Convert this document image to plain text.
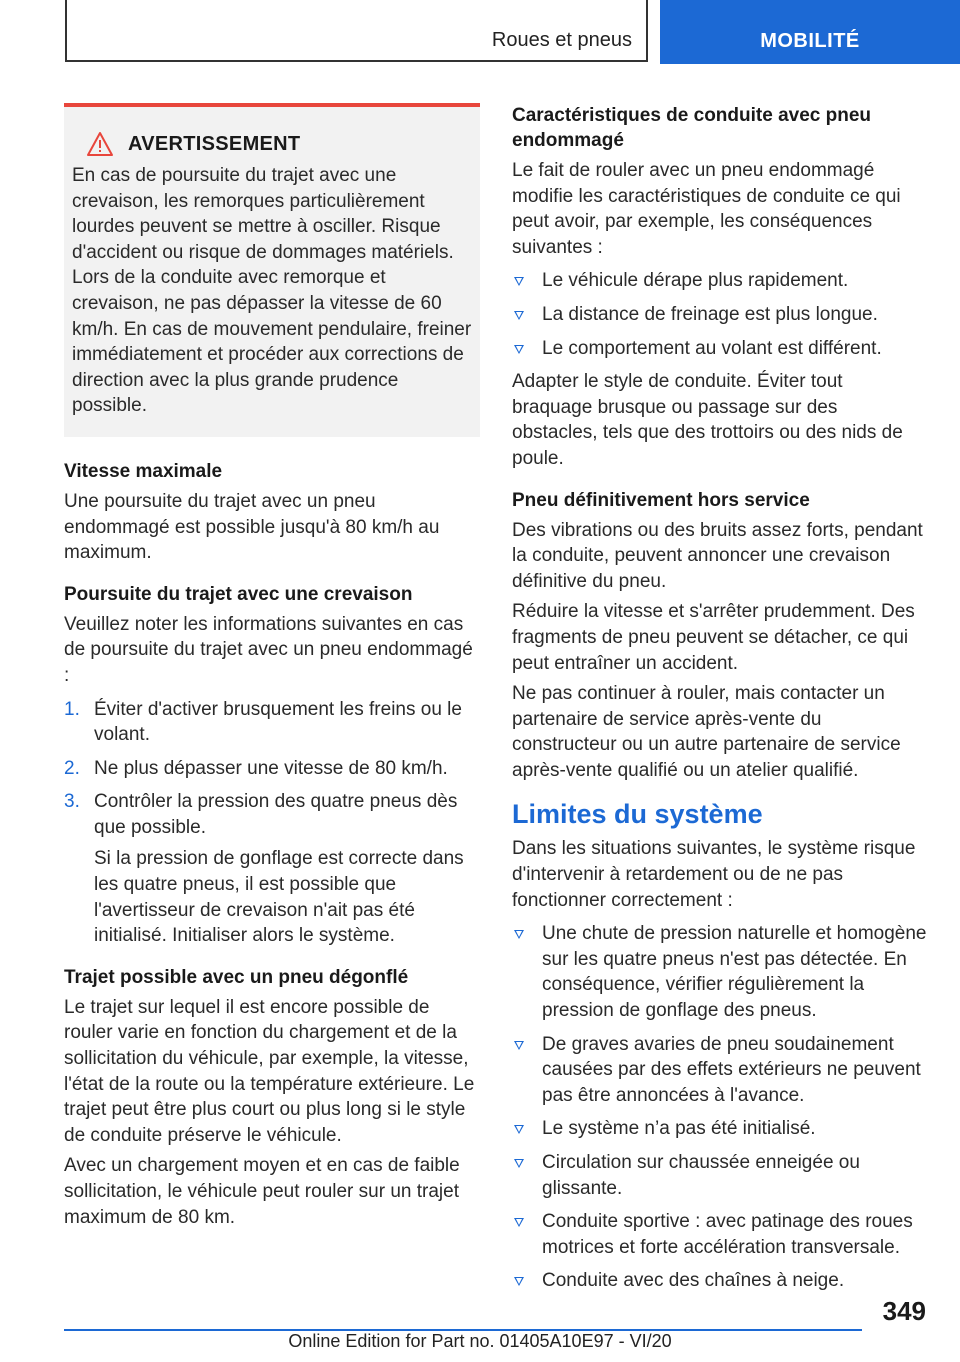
Roues et pneus	MOBILITÉ
AVERTISSEMENT
En cas de poursuite du trajet avec une crevaison, les remorques particulièrement lourdes peuvent se mettre à osciller. Risque d'accident ou risque de dommages matériels. Lors de la conduite avec remorque et crevaison, ne pas dépasser la vitesse de 60 km/h. En cas de mouvement pendulaire, freiner immédiatement et procéder aux corrections de direction avec la plus grande prudence possible.

Vitesse maximale

Une poursuite du trajet avec un pneu endommagé est possible jusqu'à 80 km/h au maximum.

Poursuite du trajet avec une crevaison

Veuillez noter les informations suivantes en cas de poursuite du trajet avec un pneu endommagé :

1. Éviter d'activer brusquement les freins ou le volant.
2. Ne plus dépasser une vitesse de 80 km/h.
3. Contrôler la pression des quatre pneus dès que possible.
Si la pression de gonflage est correcte dans les quatre pneus, il est possible que l'avertisseur de crevaison n'ait pas été initialisé. Initialiser alors le système.

Trajet possible avec un pneu dégonflé

Le trajet sur lequel il est encore possible de rouler varie en fonction du chargement et de la sollicitation du véhicule, par exemple, la vitesse, l'état de la route ou la température extérieure. Le trajet peut être plus court ou plus long si le style de conduite préserve le véhicule.

Avec un chargement moyen et en cas de faible sollicitation, le véhicule peut rouler sur un trajet maximum de 80 km.

Caractéristiques de conduite avec pneu endommagé

Le fait de rouler avec un pneu endommagé modifie les caractéristiques de conduite ce qui peut avoir, par exemple, les conséquences suivantes :

Le véhicule dérape plus rapidement.
La distance de freinage est plus longue.
Le comportement au volant est différent.

Adapter le style de conduite. Éviter tout braquage brusque ou passage sur des obstacles, tels que des trottoirs ou des nids de poule.

Pneu définitivement hors service

Des vibrations ou des bruits assez forts, pendant la conduite, peuvent annoncer une crevaison définitive du pneu.

Réduire la vitesse et s'arrêter prudemment. Des fragments de pneu peuvent se détacher, ce qui peut entraîner un accident.

Ne pas continuer à rouler, mais contacter un partenaire de service après-vente du constructeur ou un autre partenaire de service après-vente qualifié ou un atelier qualifié.

Limites du système

Dans les situations suivantes, le système risque d'intervenir à retardement ou de ne pas fonctionner correctement :

Une chute de pression naturelle et homogène sur les quatre pneus n'est pas détectée. En conséquence, vérifier régulièrement la pression de gonflage des pneus.
De graves avaries de pneu soudainement causées par des effets extérieurs ne peuvent pas être annoncées à l'avance.
Le système n’a pas été initialisé.
Circulation sur chaussée enneigée ou glissante.
Conduite sportive : avec patinage des roues motrices et forte accélération transversale.
Conduite avec des chaînes à neige.
349
Online Edition for Part no. 01405A10E97 - VI/20
